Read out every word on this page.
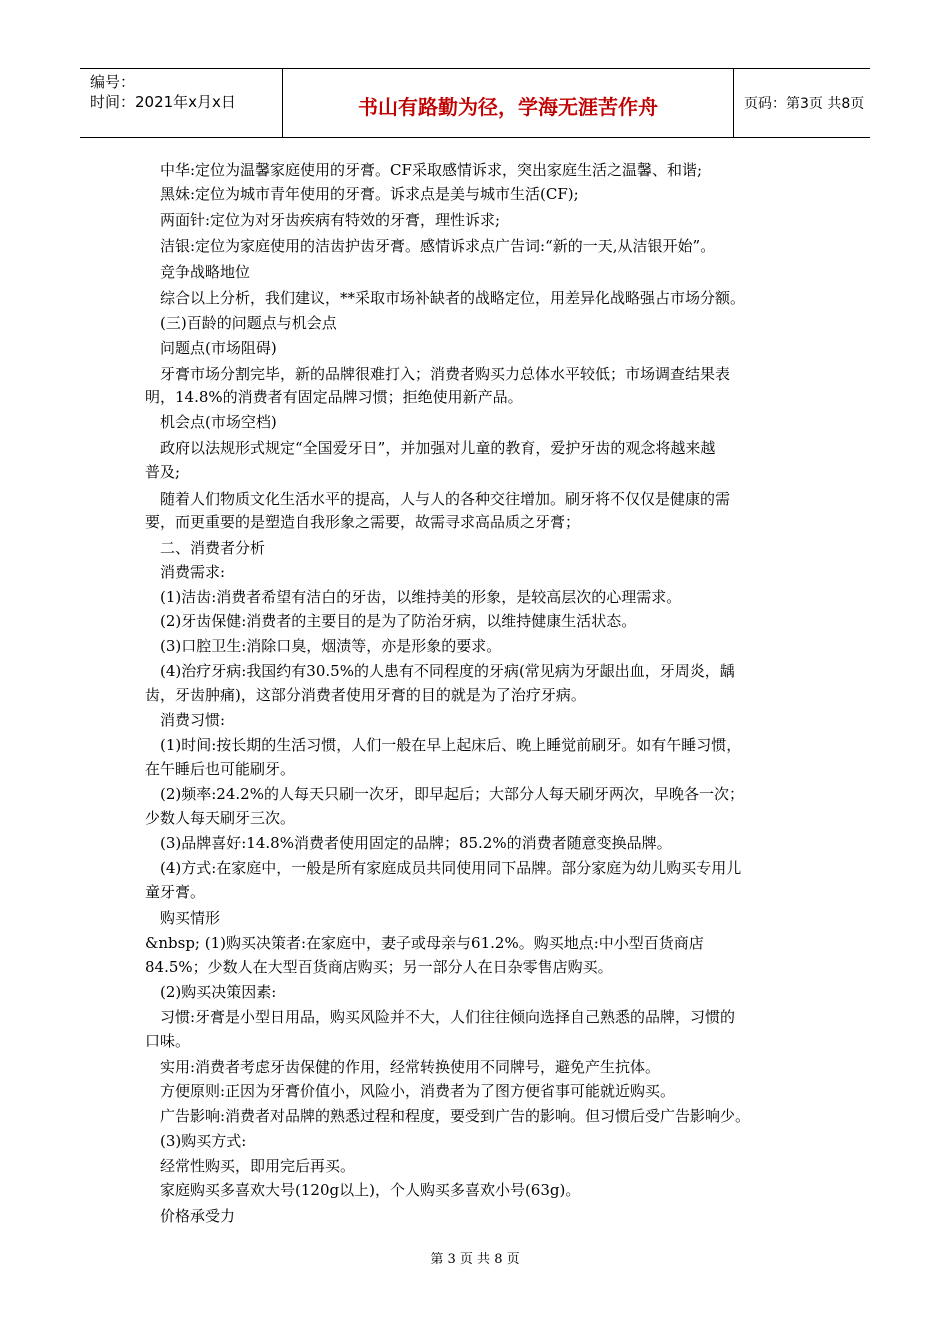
编号：
时间：2021年x月x日	书山有路勤为径，学海无涯苦作舟	页码：第3页 共8页
中华:定位为温馨家庭使用的牙膏。CF采取感情诉求，突出家庭生活之温馨、和谐;
黑妹:定位为城市青年使用的牙膏。诉求点是美与城市生活(CF);
两面针:定位为对牙齿疾病有特效的牙膏，理性诉求;
洁银:定位为家庭使用的洁齿护齿牙膏。感情诉求点广告词:“新的一天,从洁银开始”。
竞争战略地位
综合以上分析，我们建议，**采取市场补缺者的战略定位，用差异化战略强占市场分额。
(三)百龄的问题点与机会点
问题点(市场阻碍)
牙膏市场分割完毕，新的品牌很难打入；消费者购买力总体水平较低；市场调查结果表
明，14.8%的消费者有固定品牌习惯；拒绝使用新产品。
机会点(市场空档)
政府以法规形式规定“全国爱牙日”，并加强对儿童的教育，爱护牙齿的观念将越来越
普及;
随着人们物质文化生活水平的提高，人与人的各种交往增加。刷牙将不仅仅是健康的需
要，而更重要的是塑造自我形象之需要，故需寻求高品质之牙膏；
二、消费者分析
消费需求:
(1)洁齿:消费者希望有洁白的牙齿，以维持美的形象，是较高层次的心理需求。
(2)牙齿保健:消费者的主要目的是为了防治牙病，以维持健康生活状态。
(3)口腔卫生:消除口臭，烟渍等，亦是形象的要求。
(4)治疗牙病:我国约有30.5%的人患有不同程度的牙病(常见病为牙龈出血，牙周炎，龋
齿，牙齿肿痛)，这部分消费者使用牙膏的目的就是为了治疗牙病。
消费习惯:
(1)时间:按长期的生活习惯，人们一般在早上起床后、晚上睡觉前刷牙。如有午睡习惯，
在午睡后也可能刷牙。
(2)频率:24.2%的人每天只刷一次牙，即早起后；大部分人每天刷牙两次，早晚各一次；
少数人每天刷牙三次。
(3)品牌喜好:14.8%消费者使用固定的品牌；85.2%的消费者随意变换品牌。
(4)方式:在家庭中，一般是所有家庭成员共同使用同下品牌。部分家庭为幼儿购买专用儿
童牙膏。
购买情形
&nbsp; (1)购买决策者:在家庭中，妻子或母亲与61.2%。购买地点:中小型百货商店
84.5%；少数人在大型百货商店购买；另一部分人在日杂零售店购买。
(2)购买决策因素:
习惯:牙膏是小型日用品，购买风险并不大，人们往往倾向选择自己熟悉的品牌，习惯的
口味。
实用:消费者考虑牙齿保健的作用，经常转换使用不同牌号，避免产生抗体。
方便原则:正因为牙膏价值小，风险小，消费者为了图方便省事可能就近购买。
广告影响:消费者对品牌的熟悉过程和程度，要受到广告的影响。但习惯后受广告影响少。
(3)购买方式:
经常性购买，即用完后再买。
家庭购买多喜欢大号(120g以上)，个人购买多喜欢小号(63g)。
价格承受力
第 3 页 共 8 页
